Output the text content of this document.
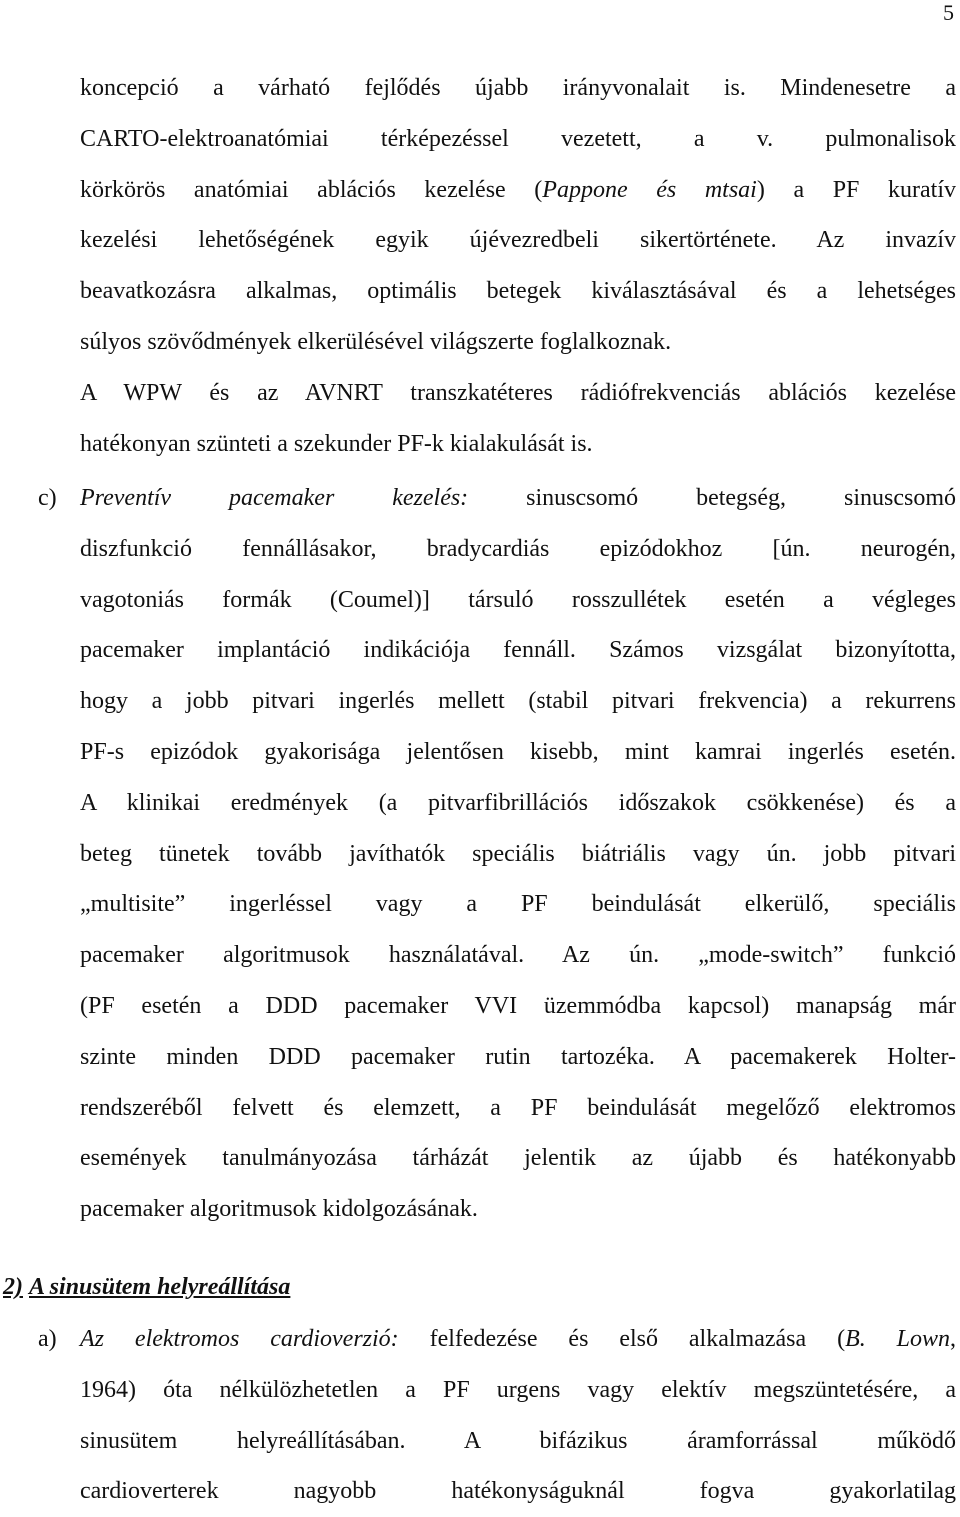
5
koncepció a várható fejlődés újabb irányvonalait is. Mindenesetre a
CARTO-elektroanatómiai térképezéssel vezetett, a v. pulmonalisok
körkörös anatómiai ablációs kezelése (Pappone és mtsai) a PF kuratív
kezelési lehetőségének egyik újévezredbeli sikertörténete. Az invazív
beavatkozásra alkalmas, optimális betegek kiválasztásával és a lehetséges
súlyos szövődmények elkerülésével világszerte foglalkoznak.
A WPW és az AVNRT transzkatéteres rádiófrekvenciás ablációs kezelése
hatékonyan szünteti a szekunder PF-k kialakulását is.
c) Preventív pacemaker kezelés: sinuscsomó betegség, sinuscsomó
diszfunkció fennállásakor, bradycardiás epizódokhoz [ún. neurogén,
vagotoniás formák (Coumel)] társuló rosszullétek esetén a végleges
pacemaker implantáció indikációja fennáll. Számos vizsgálat bizonyította,
hogy a jobb pitvari ingerlés mellett (stabil pitvari frekvencia) a rekurrens
PF-s epizódok gyakorisága jelentősen kisebb, mint kamrai ingerlés esetén.
A klinikai eredmények (a pitvarfibrillációs időszakok csökkenése) és a
beteg tünetek tovább javíthatók speciális biátriális vagy ún. jobb pitvari
„multisite” ingerléssel vagy a PF beindulását elkerülő, speciális
pacemaker algoritmusok használatával. Az ún. „mode-switch” funkció
(PF esetén a DDD pacemaker VVI üzemmódba kapcsol) manapság már
szinte minden DDD pacemaker rutin tartozéka. A pacemakerek Holter-
rendszeréből felvett és elemzett, a PF beindulását megelőző elektromos
események tanulmányozása tárházát jelentik az újabb és hatékonyabb
pacemaker algoritmusok kidolgozásának.
2) A sinusütem helyreállítása
a) Az elektromos cardioverzió: felfedezése és első alkalmazása (B. Lown,
1964) óta nélkülözhetetlen a PF urgens vagy elektív megszüntetésére, a
sinusütem helyreállításában. A bifázikus áramforrással működő
cardioverterek nagyobb hatékonyságuknál fogva gyakorlatilag
